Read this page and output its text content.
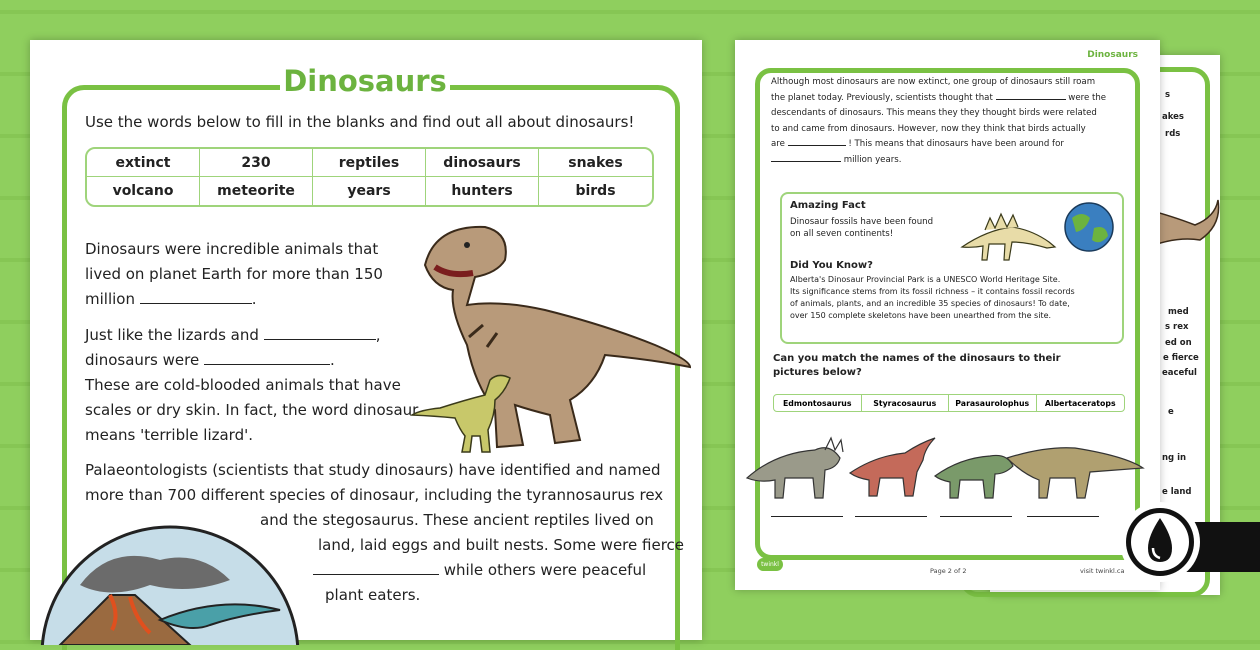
Dinosaurs
Use the words below to fill in the blanks and find out all about dinosaurs!
extinct	230	reptiles	dinosaurs	snakes
volcano	meteorite	years	hunters	birds
Dinosaurs were incredible animals that
lived on planet Earth for more than 150
million	.
Just like the lizards and	,
dinosaurs were	.
These are cold-blooded animals that have
scales or dry skin. In fact, the word dinosaur
means 'terrible lizard'.
Palaeontologists (scientists that study dinosaurs) have identified and named
more than 700 different species of dinosaur, including the tyrannosaurus rex
and the stegosaurus. These ancient reptiles lived on
land, laid eggs and built nests. Some were fierce
while others were peaceful
plant eaters.
s
akes
rds
med
s rex
ed on
e fierce
eaceful
e
ng in
e land
Dinosaurs
Although most dinosaurs are now extinct, one group of dinosaurs still roam
the planet today. Previously, scientists thought that	were the
descendants of dinosaurs. This means they they thought birds were related
to and came from dinosaurs. However, now they think that birds actually
are	! This means that dinosaurs have been around for
million years.
Amazing Fact
Dinosaur fossils have been found
on all seven continents!
Did You Know?
Alberta's Dinosaur Provincial Park is a UNESCO World Heritage Site.
Its significance stems from its fossil richness – it contains fossil records
of animals, plants, and an incredible 35 species of dinosaurs! To date,
over 150 complete skeletons have been unearthed from the site.
Can you match the names of the dinosaurs to their pictures below?
Edmontosaurus	Styracosaurus	Parasaurolophus	Albertaceratops
twinkl
Page 2 of 2	visit twinkl.ca
